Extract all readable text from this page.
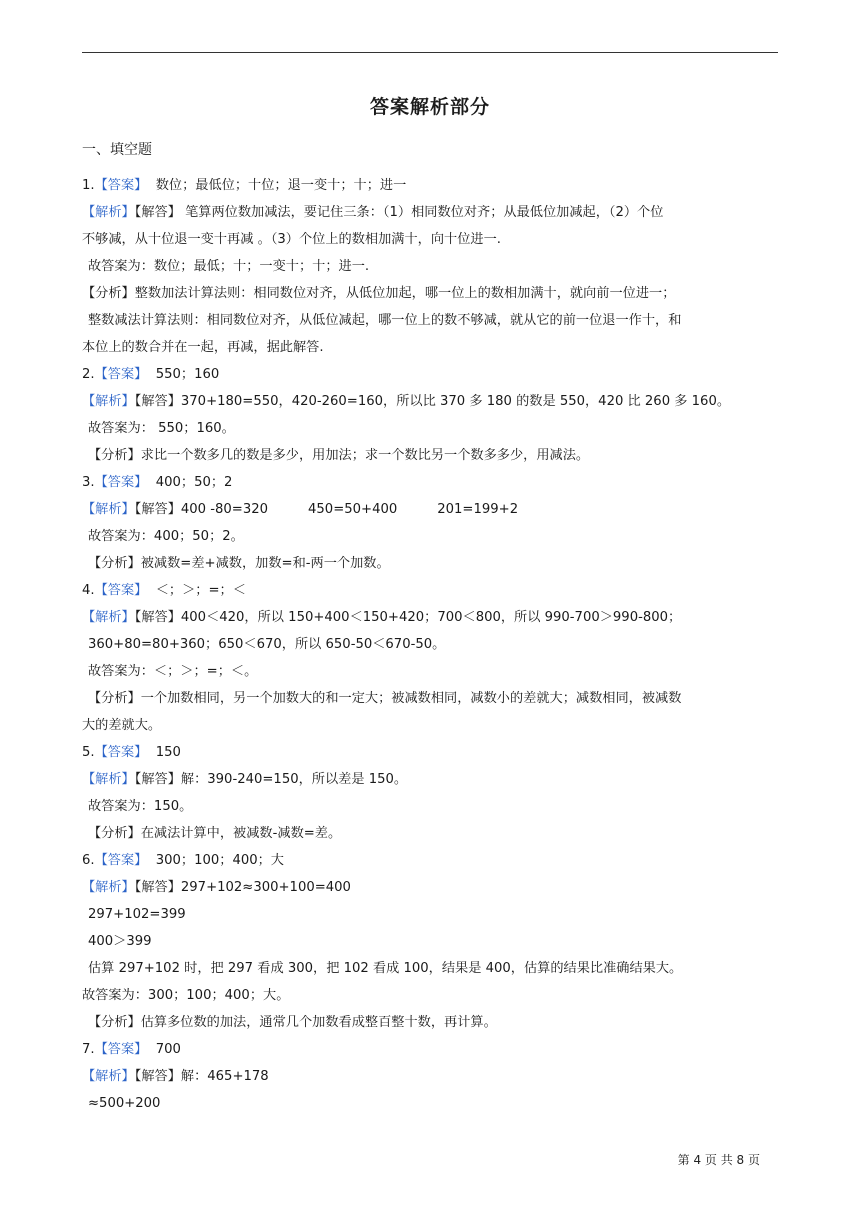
答案解析部分
一、填空题
1.【答案】 数位；最低位；十位；退一变十；十；进一
【解析】【解答】 笔算两位数加减法，要记住三条：（1）相同数位对齐；从最低位加减起，（2）个位
不够减，从十位退一变十再减 。（3）个位上的数相加满十，向十位进一.
故答案为：数位；最低；十；一变十；十；进一.
【分析】整数加法计算法则：相同数位对齐，从低位加起，哪一位上的数相加满十，就向前一位进一；
整数减法计算法则：相同数位对齐，从低位减起，哪一位上的数不够减，就从它的前一位退一作十，和
本位上的数合并在一起，再减，据此解答.
2.【答案】 550；160
【解析】【解答】370+180=550，420-260=160，所以比 370 多 180 的数是 550，420 比 260 多 160。
故答案为： 550；160。
【分析】求比一个数多几的数是多少，用加法；求一个数比另一个数多多少，用减法。
3.【答案】 400；50；2
【解析】【解答】400 -80=320	450=50+400	201=199+2
故答案为：400；50；2。
【分析】被减数=差+减数，加数=和-两一个加数。
4.【答案】 ＜；＞；=；＜
【解析】【解答】400＜420，所以 150+400＜150+420；700＜800，所以 990-700＞990-800；
360+80=80+360；650＜670，所以 650-50＜670-50。
故答案为：＜；＞；=；＜。
【分析】一个加数相同，另一个加数大的和一定大；被减数相同，减数小的差就大；减数相同，被减数
大的差就大。
5.【答案】 150
【解析】【解答】解：390-240=150，所以差是 150。
故答案为：150。
【分析】在减法计算中，被减数-减数=差。
6.【答案】 300；100；400；大
【解析】【解答】297+102≈300+100=400
297+102=399
400＞399
估算 297+102 时，把 297 看成 300，把 102 看成 100，结果是 400，估算的结果比准确结果大。
故答案为：300；100；400；大。
【分析】估算多位数的加法，通常几个加数看成整百整十数，再计算。
7.【答案】 700
【解析】【解答】解：465+178
≈500+200
第 4 页 共 8 页
